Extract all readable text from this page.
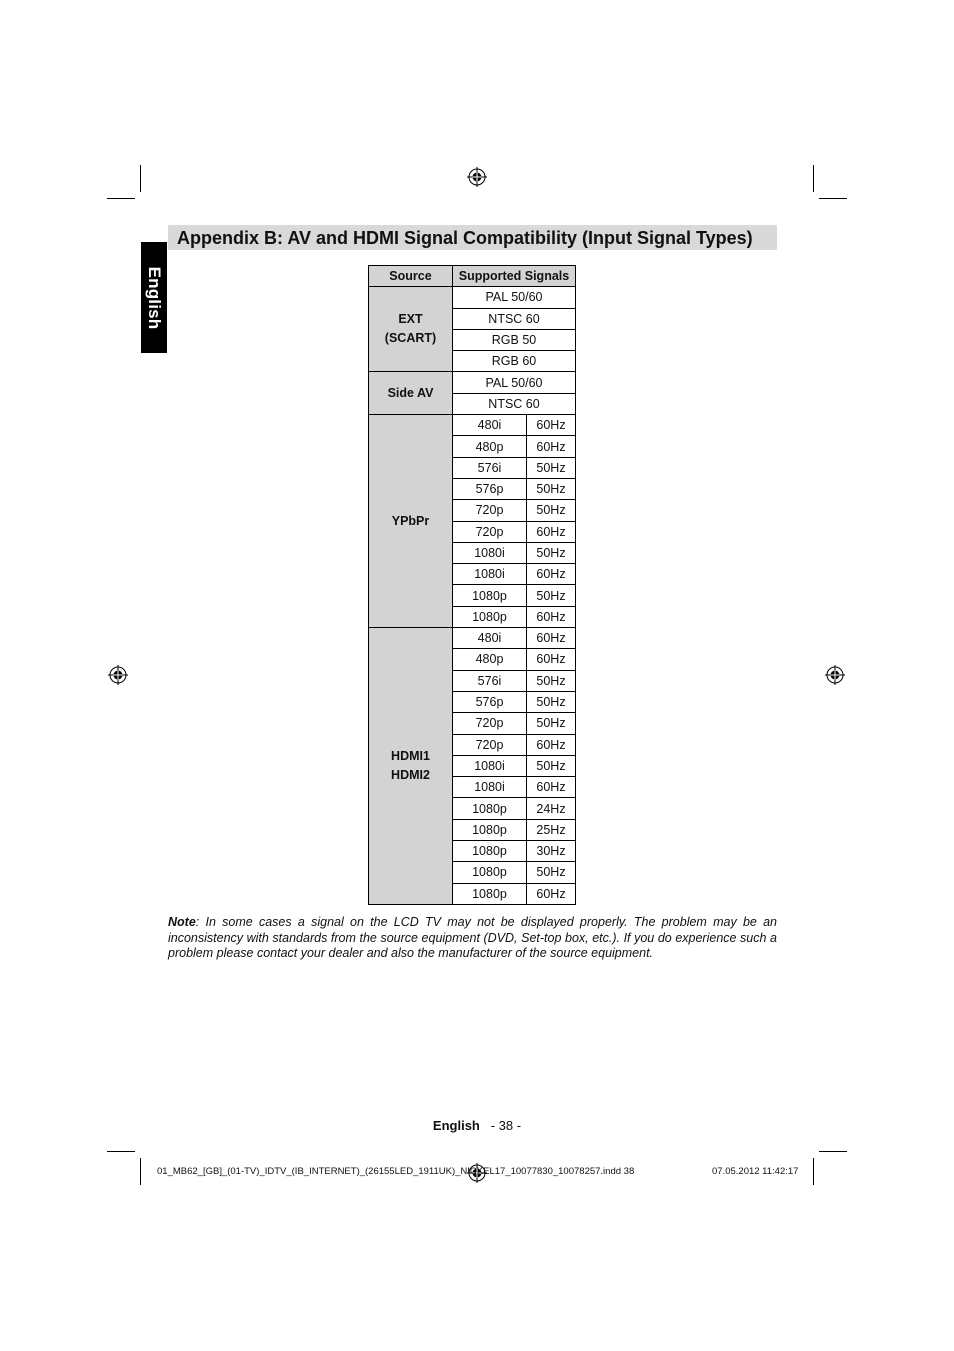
English
Appendix B: AV and HDMI Signal Compatibility (Input Signal Types)
Source	Supported Signals	

EXT
(SCART)	PAL 50/60	
	NTSC 60	
	RGB 50	
	RGB 60	

Side AV	PAL 50/60	
	NTSC 60	

YPbPr	480i	60Hz
	480p	60Hz
	576i	50Hz
	576p	50Hz
	720p	50Hz
	720p	60Hz
	1080i	50Hz
	1080i	60Hz
	1080p	50Hz
	1080p	60Hz

HDMI1
HDMI2	480i	60Hz
	480p	60Hz
	576i	50Hz
	576p	50Hz
	720p	50Hz
	720p	60Hz
	1080i	50Hz
	1080i	60Hz
	1080p	24Hz
	1080p	25Hz
	1080p	30Hz
	1080p	50Hz
	1080p	60Hz

Note: In some cases a signal on the LCD TV may not be displayed properly. The problem may be an inconsistency with standards from the source equipment (DVD, Set-top box, etc.). If you do experience such a problem please contact your dealer and also the manufacturer of the source equipment.

English - 38 -
01_MB62_[GB]_(01-TV)_IDTV_(IB_INTERNET)_(26155LED_1911UK)_NICKEL17_10077830_10078257.indd 38	07.05.2012 11:42:17
